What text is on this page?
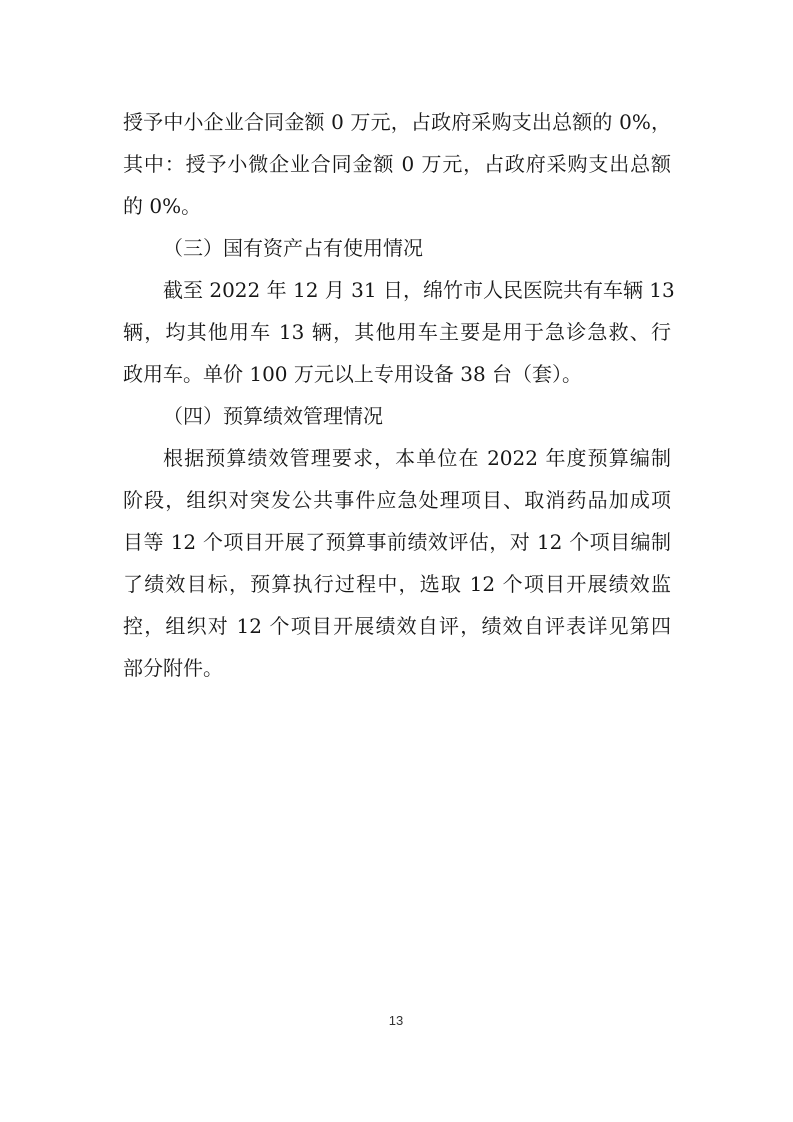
授予中小企业合同金额 0 万元，占政府采购支出总额的 0%，
其中：授予小微企业合同金额 0 万元，占政府采购支出总额
的 0%。
（三）国有资产占有使用情况
截至 2022 年 12 月 31 日，绵竹市人民医院共有车辆 13
辆，均其他用车 13 辆，其他用车主要是用于急诊急救、行
政用车。单价 100 万元以上专用设备 38 台（套）。
（四）预算绩效管理情况
根据预算绩效管理要求，本单位在 2022 年度预算编制
阶段，组织对突发公共事件应急处理项目、取消药品加成项
目等 12 个项目开展了预算事前绩效评估，对 12 个项目编制
了绩效目标，预算执行过程中，选取 12 个项目开展绩效监
控，组织对 12 个项目开展绩效自评，绩效自评表详见第四
部分附件。
13
